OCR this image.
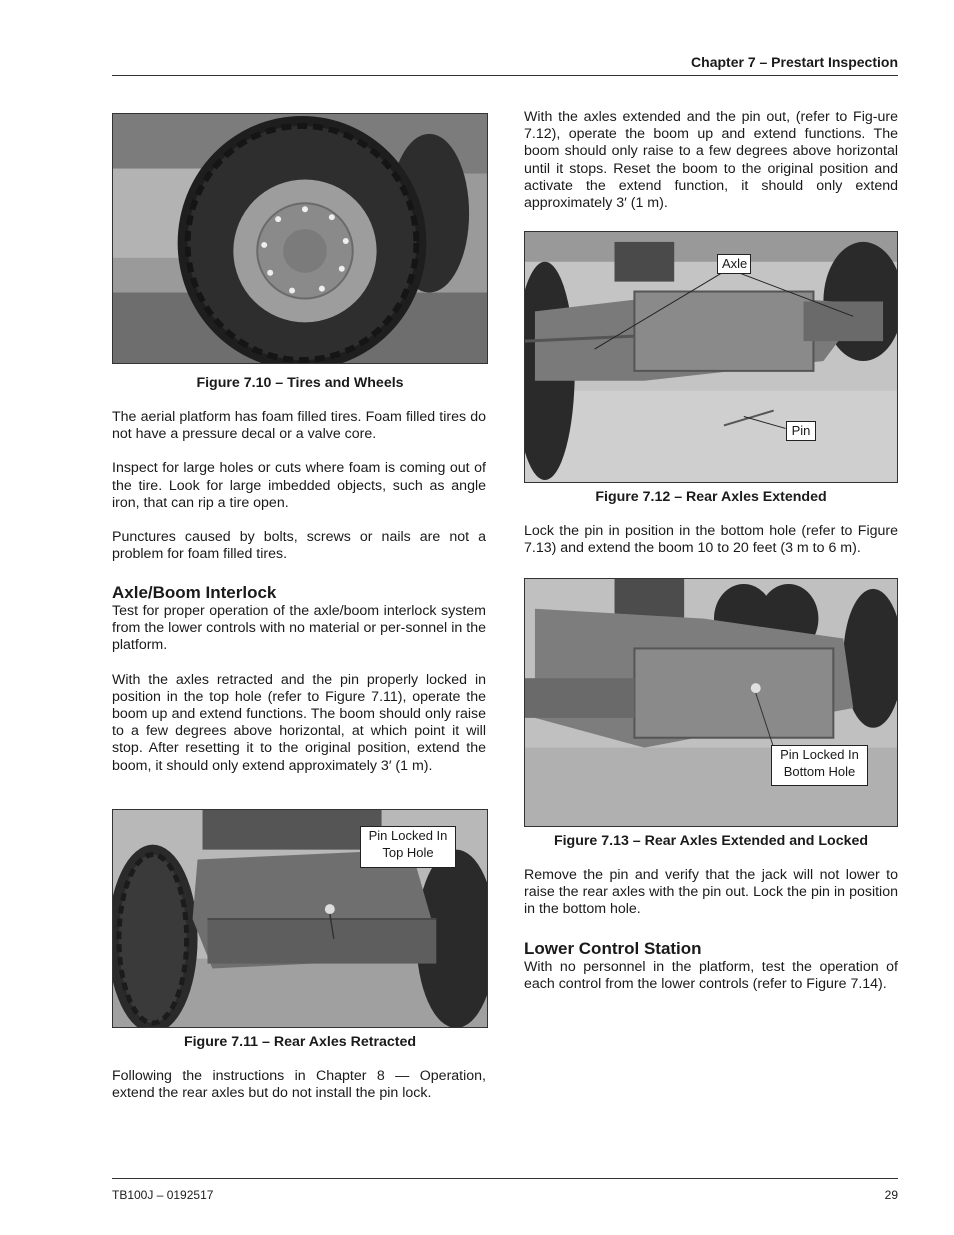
Chapter 7 – Prestart Inspection
Figure 7.10 – Tires and Wheels

The aerial platform has foam filled tires. Foam filled tires do not have a pressure decal or a valve core.

Inspect for large holes or cuts where foam is coming out of the tire. Look for large imbedded objects, such as angle iron, that can rip a tire open.

Punctures caused by bolts, screws or nails are not a problem for foam filled tires.

Axle/Boom Interlock

Test for proper operation of the axle/boom interlock system from the lower controls with no material or per-sonnel in the platform.

With the axles retracted and the pin properly locked in position in the top hole (refer to Figure 7.11), operate the boom up and extend functions. The boom should only raise to a few degrees above horizontal, at which point it will stop. After resetting it to the original position, extend the boom, it should only extend approximately 3′ (1 m).

Pin Locked In
Top Hole
Figure 7.11 – Rear Axles Retracted

Following the instructions in Chapter 8 — Operation, extend the rear axles but do not install the pin lock.

With the axles extended and the pin out, (refer to Fig-ure 7.12), operate the boom up and extend functions. The boom should only raise to a few degrees above horizontal until it stops. Reset the boom to the original position and activate the extend function, it should only extend approximately 3′ (1 m).

Axle
Pin
Figure 7.12 – Rear Axles Extended

Lock the pin in position in the bottom hole (refer to Figure 7.13) and extend the boom 10 to 20 feet (3 m to 6 m).

Pin Locked In
Bottom Hole
Figure 7.13 – Rear Axles Extended and Locked

Remove the pin and verify that the jack will not lower to raise the rear axles with the pin out. Lock the pin in position in the bottom hole.

Lower Control Station

With no personnel in the platform, test the operation of each control from the lower controls (refer to Figure 7.14).

TB100J – 0192517	29
